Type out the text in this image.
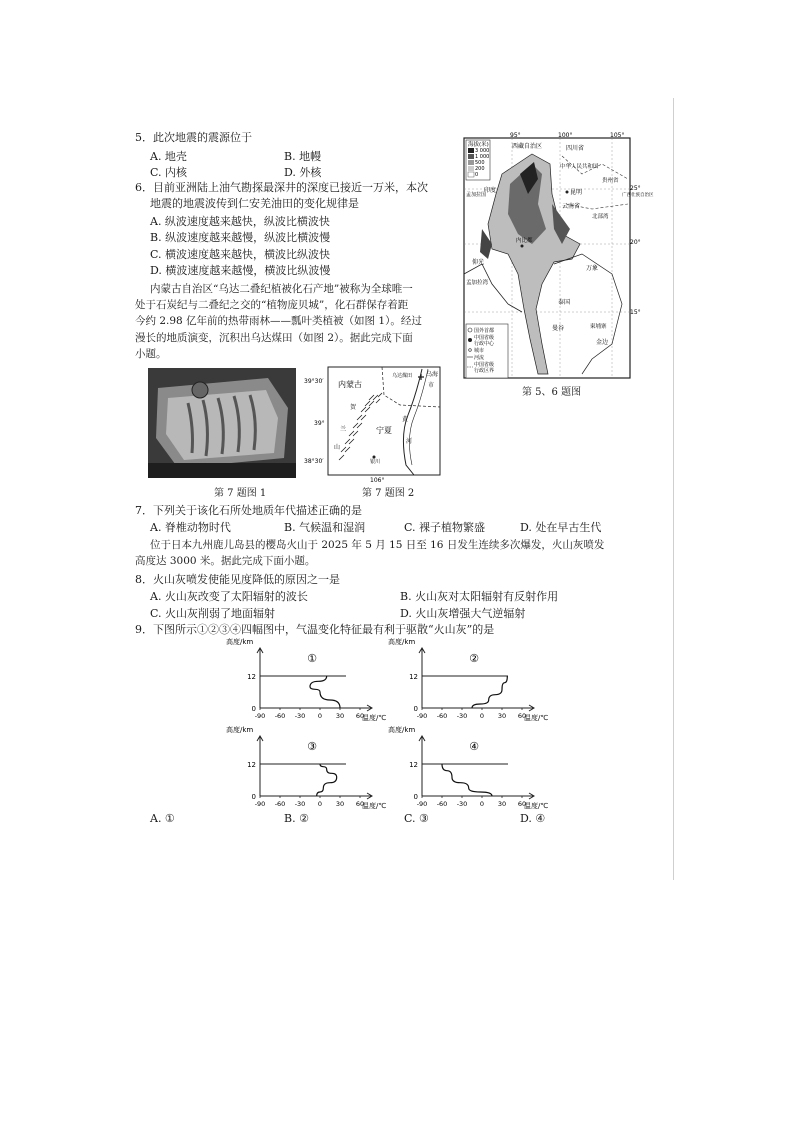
5．此次地震的震源位于
A. 地壳	B. 地幔
C. 内核	D. 外核
6．目前亚洲陆上油气勘探最深井的深度已接近一万米，本次
地震的地震波传到仁安羌油田的变化规律是
A. 纵波速度越来越快，纵波比横波快
B. 纵波速度越来越慢，纵波比横波慢
C. 横波速度越来越快，横波比纵波快
D. 横波速度越来越慢，横波比纵波慢
内蒙古自治区“乌达二叠纪植被化石产地”被称为全球唯一
处于石炭纪与二叠纪之交的“植物庞贝城”，化石群保存着距
今约 2.98 亿年前的热带雨林——瓢叶类植被（如图 1）。经过
漫长的地质演变，沉积出乌达煤田（如图 2）。据此完成下面
小题。
95°	100°	105°
25°
20°
15°
海拔(米)
3 000
1 000
500
200
0
西藏自治区	四川省
中华人民共和国
贵州省
广西壮族自治区
昆明
云南省
印度
孟加拉国
北部湾
万象
内比都
仰光
孟加拉湾
泰国
曼谷	柬埔寨
金边
国外首都
中国省级
行政中心
城市
河流
中国省级
行政区界
第 5、6 题图
第 7 题图 1
39°30′
39°
38°30′
106°
内蒙古
乌达煤田 乌海
市
宁夏
银川
贺
兰
山
黄
河
第 7 题图 2
7．下列关于该化石所处地质年代描述正确的是
A. 脊椎动物时代	B. 气候温和湿润	C. 裸子植物繁盛	D. 处在早古生代
位于日本九州鹿儿岛县的樱岛火山于 2025 年 5 月 15 日至 16 日发生连续多次爆发，火山灰喷发
高度达 3000 米。据此完成下面小题。
8．火山灰喷发使能见度降低的原因之一是
A. 火山灰改变了太阳辐射的波长	B. 火山灰对太阳辐射有反射作用
C. 火山灰削弱了地面辐射	D. 火山灰增强大气逆辐射
9．下图所示①②③④四幅图中，气温变化特征最有利于驱散“火山灰”的是
高度/km
0
12
-90 -60 -30 0 30 60
温度/℃
①
高度/km
0
12
-90 -60 -30 0 30 60
温度/℃
②
高度/km
0
12
-90 -60 -30 0 30 60
温度/℃
③
高度/km
0
12
-90 -60 -30 0 30 60
温度/℃
④
A. ①	B. ②	C. ③	D. ④
